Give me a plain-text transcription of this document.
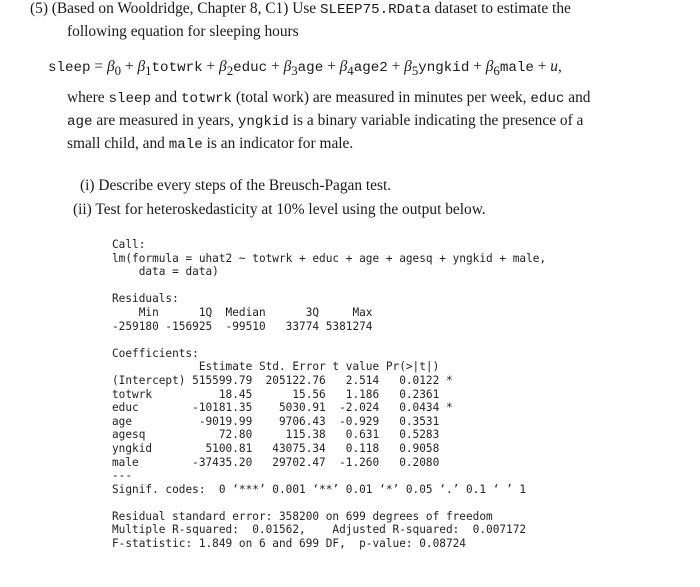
(5) (Based on Wooldridge, Chapter 8, C1) Use SLEEP75.RData dataset to estimate the
following equation for sleeping hours
sleep = $\beta_0$ + $\beta_1totwrk$ + $\beta_2educ + \beta_3age + \beta_4age2$ + $\beta_5yngkid$ + $\beta_6male + u$,
where sleep and totwrk (total work) are measured in minutes per week, educ and
age are measured in years, yngkid is a binary variable indicating the presence of a
small child, and male is an indicator for male.
(i) Describe every steps of the Breusch-Pagan test.
(ii) Test for heteroskedasticity at 10% level using the output below.
Call:
lm(formula = uhat2 ~ totwrk + educ + age + agesq + yngkid + male,
data = data)
Residuals:
Min      1Q  Median      3Q     Max
-259180 -156925  -99510   33774 5381274
Coefficients:
Estimate Std. Error t value Pr(>|t|)
(Intercept) 515599.79  205122.76   2.514   0.0122 *
totwrk          18.45      15.56   1.186   0.2361
educ        -10181.35    5030.91  -2.024   0.0434 *
age          -9019.99    9706.43  -0.929   0.3531
agesq           72.80     115.38   0.631   0.5283
yngkid        5100.81   43075.34   0.118   0.9058
male        -37435.20   29702.47  -1.260   0.2080
---
Signif. codes:  0 ‘***’ 0.001 ‘**’ 0.01 ‘*’ 0.05 ‘.’ 0.1 ‘ ’ 1
Residual standard error: 358200 on 699 degrees of freedom
Multiple R-squared:  0.01562,    Adjusted R-squared:  0.007172
F-statistic: 1.849 on 6 and 699 DF,  p-value: 0.08724
